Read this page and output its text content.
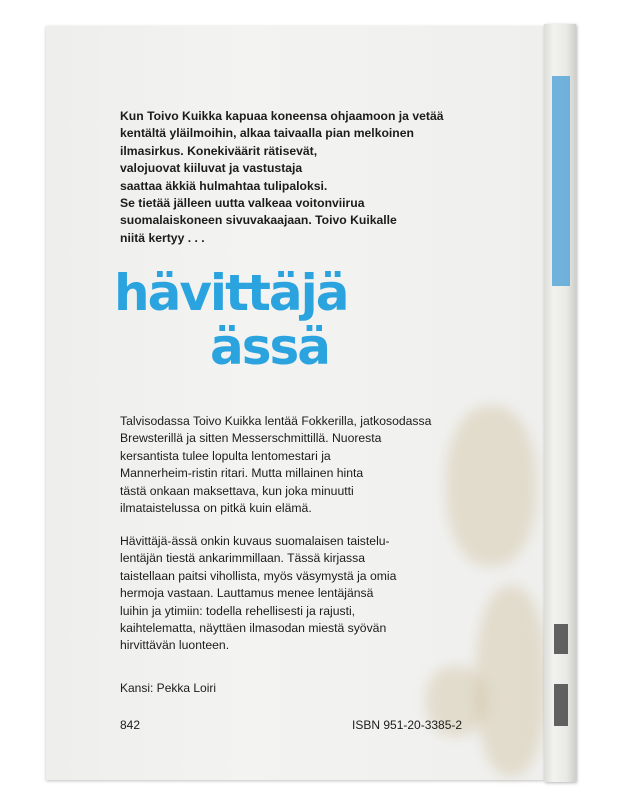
Kun Toivo Kuikka kapuaa koneensa ohjaamoon ja vetää
kentältä yläilmoihin, alkaa taivaalla pian melkoinen
ilmasirkus. Konekiväärit rätisevät,
valojuovat kiiluvat ja vastustaja
saattaa äkkiä hulmahtaa tulipaloksi.
Se tietää jälleen uutta valkeaa voitonviirua
suomalaiskoneen sivuvakaajaan. Toivo Kuikalle
niitä kertyy . . .

hävittäjä
ässä

Talvisodassa Toivo Kuikka lentää Fokkerilla, jatkosodassa
Brewsterillä ja sitten Messerschmittillä. Nuoresta
kersantista tulee lopulta lentomestari ja
Mannerheim-ristin ritari. Mutta millainen hinta
tästä onkaan maksettava, kun joka minuutti
ilmataistelussa on pitkä kuin elämä.

Hävittäjä-ässä onkin kuvaus suomalaisen taistelu-
lentäjän tiestä ankarimmillaan. Tässä kirjassa
taistellaan paitsi vihollista, myös väsymystä ja omia
hermoja vastaan. Lauttamus menee lentäjänsä
luihin ja ytimiin: todella rehellisesti ja rajusti,
kaihtelematta, näyttäen ilmasodan miestä syövän
hirvittävän luonteen.

Kansi: Pekka Loiri
842	ISBN 951-20-3385-2
